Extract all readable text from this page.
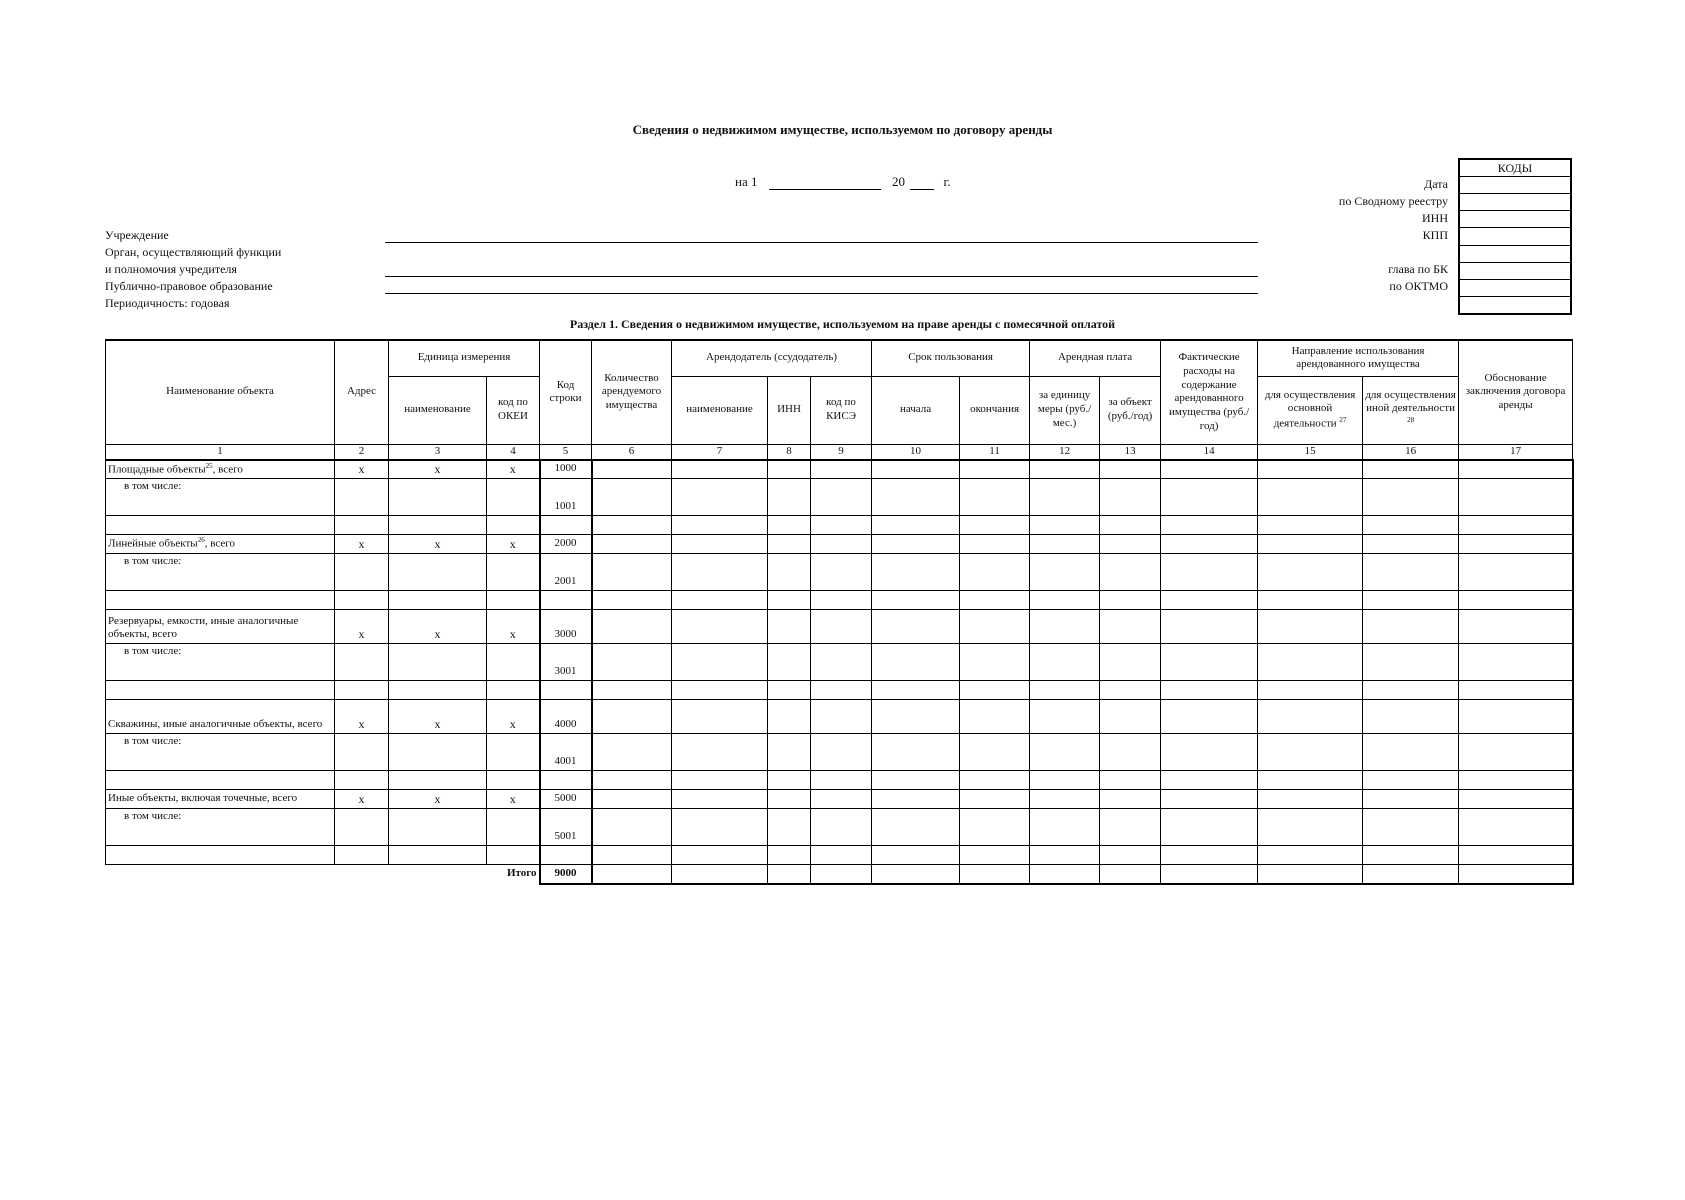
Сведения о недвижимом имуществе, используемом по договору аренды
на 1	20	г.
Учреждение
Орган, осуществляющий функции
и полномочия учредителя
Публично-правовое образование
Периодичность: годовая
Дата
по Сводному реестру
ИНН
КПП
глава по БК
по ОКТМО
КОДЫ

Раздел 1. Сведения о недвижимом имуществе, используемом на праве аренды с помесячной оплатой
Наименование объекта	Адрес	Единица измерения		Код строки	Количество арендуемого имущества	Арендодатель (ссудодатель)			Срок пользования		Арендная плата		Фактические расходы на содержание арендованного имущества (руб./год)	Направление использования арендованного имущества		Обоснование заключения договора аренды
		наименование	код по ОКЕИ			наименование	ИНН	код по КИСЭ	начала	окончания	за единицу меры (руб./мес.)	за объект (руб./год)		для осуществления основной деятельности $^{27}$	для осуществления иной деятельности $^{28}$
1	2	3	4	5	6	7	8	9	10	11	12	13	14	15	16	17
Площадные объекты$^{25}$, всего	x	x	x	1000												
в том числе:				1001												

Линейные объекты$^{26}$, всего	x	x	x	2000												
в том числе:				2001												

Резервуары, емкости, иные аналогичные объекты, всего	x	x	x	3000												
в том числе:				3001												

Скважины, иные аналогичные объекты, всего	x	x	x	4000												
в том числе:				4001												

Иные объекты, включая точечные, всего	x	x	x	5000												
в том числе:				5001												

Итого				9000												
